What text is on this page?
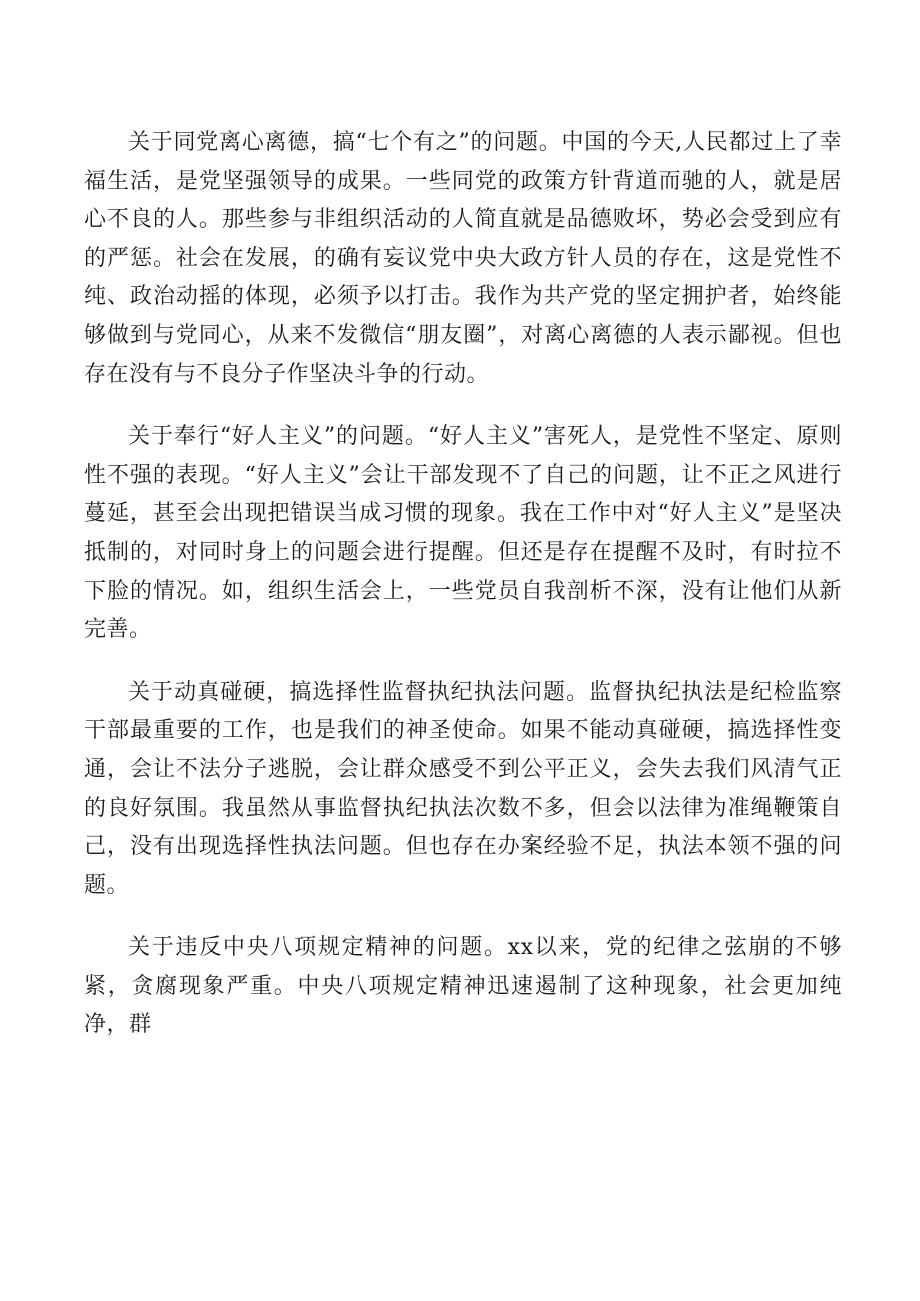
关于同党离心离德，搞“七个有之”的问题。中国的今天,人民都过上了幸福生活，是党坚强领导的成果。一些同党的政策方针背道而驰的人，就是居心不良的人。那些参与非组织活动的人简直就是品德败坏，势必会受到应有的严惩。社会在发展，的确有妄议党中央大政方针人员的存在，这是党性不纯、政治动摇的体现，必须予以打击。我作为共产党的坚定拥护者，始终能够做到与党同心，从来不发微信“朋友圈”，对离心离德的人表示鄙视。但也存在没有与不良分子作坚决斗争的行动。

关于奉行“好人主义”的问题。“好人主义”害死人，是党性不坚定、原则性不强的表现。“好人主义”会让干部发现不了自己的问题，让不正之风进行蔓延，甚至会出现把错误当成习惯的现象。我在工作中对“好人主义”是坚决抵制的，对同时身上的问题会进行提醒。但还是存在提醒不及时，有时拉不下脸的情况。如，组织生活会上，一些党员自我剖析不深，没有让他们从新完善。

关于动真碰硬，搞选择性监督执纪执法问题。监督执纪执法是纪检监察干部最重要的工作，也是我们的神圣使命。如果不能动真碰硬，搞选择性变通，会让不法分子逃脱，会让群众感受不到公平正义，会失去我们风清气正的良好氛围。我虽然从事监督执纪执法次数不多，但会以法律为准绳鞭策自己，没有出现选择性执法问题。但也存在办案经验不足，执法本领不强的问题。

关于违反中央八项规定精神的问题。xx以来，党的纪律之弦崩的不够紧，贪腐现象严重。中央八项规定精神迅速遏制了这种现象，社会更加纯净，群
